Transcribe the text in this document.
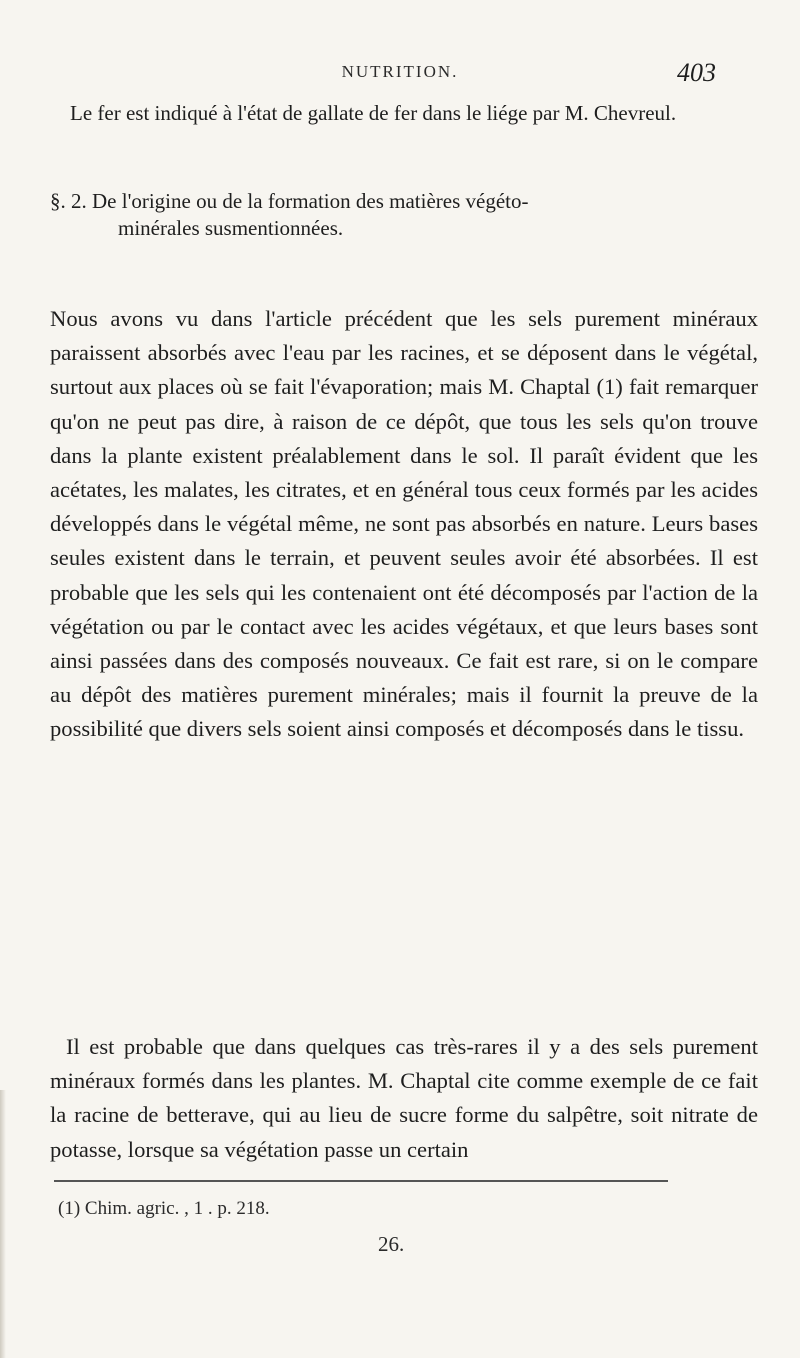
NUTRITION.	403

Le fer est indiqué à l'état de gallate de fer dans le liége par M. Chevreul.

§. 2. De l'origine ou de la formation des matières végéto-
minérales susmentionnées.

Nous avons vu dans l'article précédent que les sels purement minéraux paraissent absorbés avec l'eau par les racines, et se déposent dans le végétal, surtout aux places où se fait l'évaporation; mais M. Chaptal (1) fait remarquer qu'on ne peut pas dire, à raison de ce dépôt, que tous les sels qu'on trouve dans la plante existent préalablement dans le sol. Il paraît évident que les acétates, les malates, les citrates, et en général tous ceux formés par les acides développés dans le végétal même, ne sont pas absorbés en nature. Leurs bases seules existent dans le terrain, et peuvent seules avoir été absorbées. Il est probable que les sels qui les contenaient ont été décomposés par l'action de la végétation ou par le contact avec les acides végétaux, et que leurs bases sont ainsi passées dans des composés nouveaux. Ce fait est rare, si on le compare au dépôt des matières purement minérales; mais il fournit la preuve de la possibilité que divers sels soient ainsi composés et décomposés dans le tissu.

Il est probable que dans quelques cas très-rares il y a des sels purement minéraux formés dans les plantes. M. Chaptal cite comme exemple de ce fait la racine de betterave, qui au lieu de sucre forme du salpêtre, soit nitrate de potasse, lorsque sa végétation passe un certain

(1) Chim. agric. , 1 . p. 218.
26.
